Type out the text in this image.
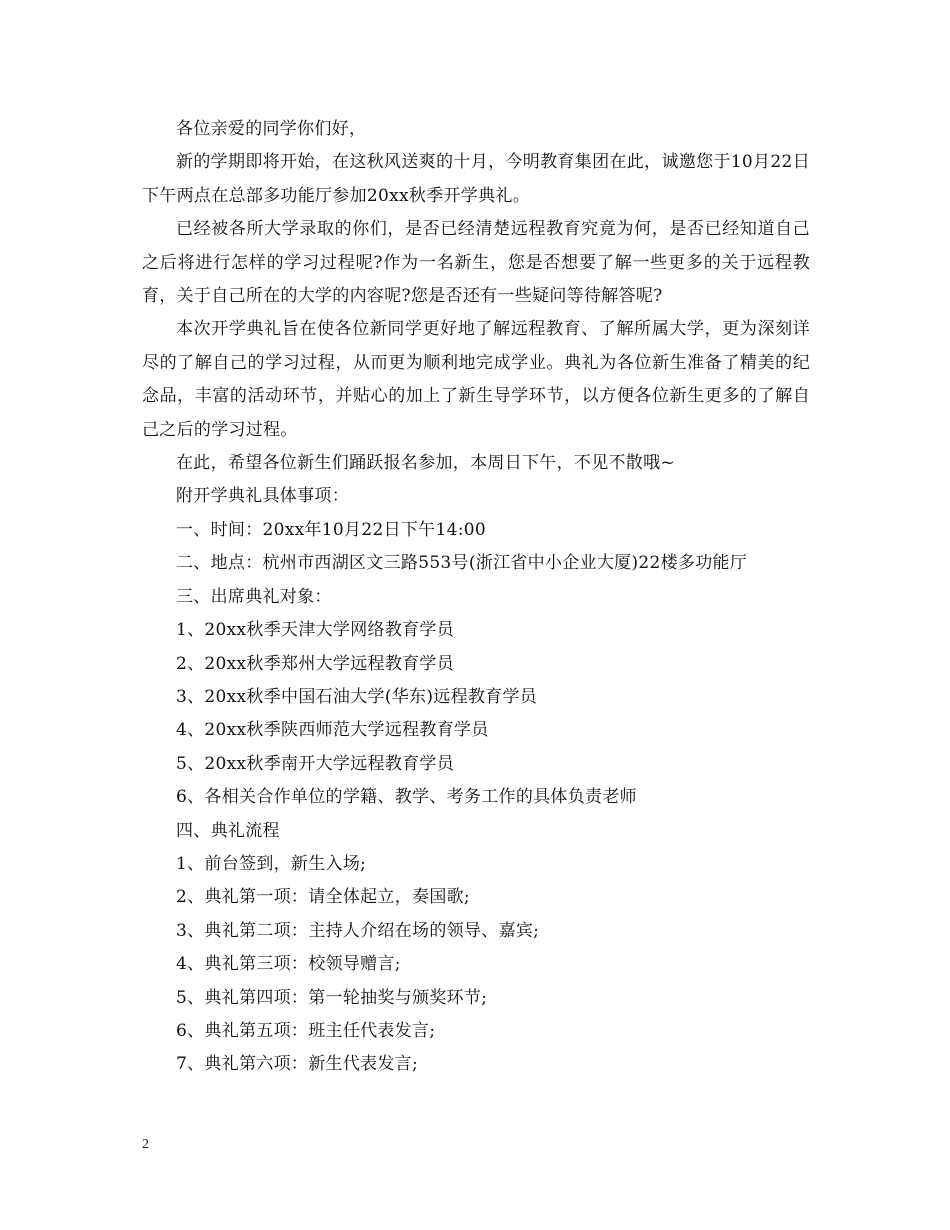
各位亲爱的同学你们好，

新的学期即将开始，在这秋风送爽的十月，今明教育集团在此，诚邀您于10月22日下午两点在总部多功能厅参加20xx秋季开学典礼。

已经被各所大学录取的你们，是否已经清楚远程教育究竟为何，是否已经知道自己之后将进行怎样的学习过程呢?作为一名新生，您是否想要了解一些更多的关于远程教育，关于自己所在的大学的内容呢?您是否还有一些疑问等待解答呢?

本次开学典礼旨在使各位新同学更好地了解远程教育、了解所属大学，更为深刻详尽的了解自己的学习过程，从而更为顺利地完成学业。典礼为各位新生准备了精美的纪念品，丰富的活动环节，并贴心的加上了新生导学环节，以方便各位新生更多的了解自己之后的学习过程。

在此，希望各位新生们踊跃报名参加，本周日下午，不见不散哦~

附开学典礼具体事项：

一、时间：20xx年10月22日下午14:00

二、地点：杭州市西湖区文三路553号(浙江省中小企业大厦)22楼多功能厅

三、出席典礼对象：

1、20xx秋季天津大学网络教育学员

2、20xx秋季郑州大学远程教育学员

3、20xx秋季中国石油大学(华东)远程教育学员

4、20xx秋季陕西师范大学远程教育学员

5、20xx秋季南开大学远程教育学员

6、各相关合作单位的学籍、教学、考务工作的具体负责老师

四、典礼流程

1、前台签到，新生入场;

2、典礼第一项：请全体起立，奏国歌;

3、典礼第二项：主持人介绍在场的领导、嘉宾;

4、典礼第三项：校领导赠言;

5、典礼第四项：第一轮抽奖与颁奖环节;

6、典礼第五项：班主任代表发言;

7、典礼第六项：新生代表发言;

2
